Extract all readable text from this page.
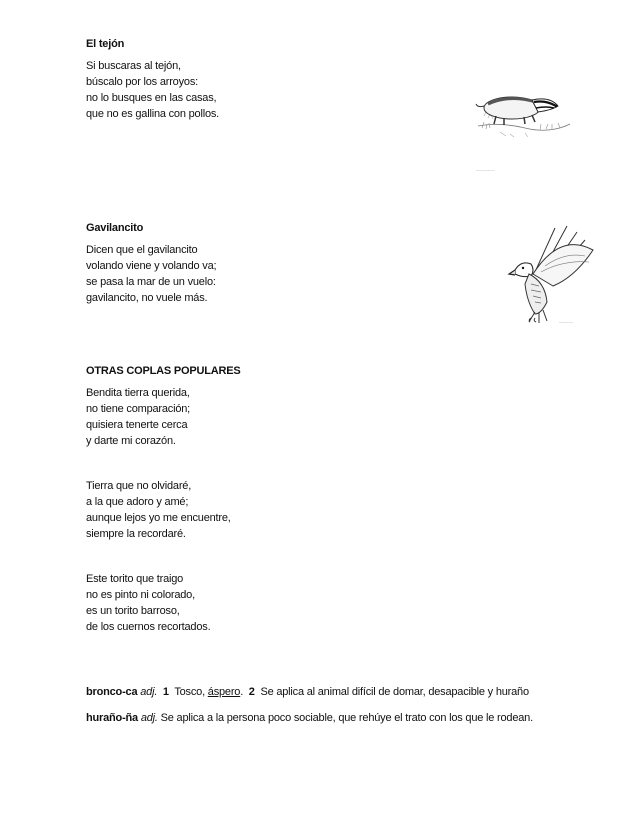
El tejón
Si buscaras al tejón,
búscalo por los arroyos:
no lo busques en las casas,
que no es gallina con pollos.
~~~~~~~~
Gavilancito
Dicen que el gavilancito
volando viene y volando va;
se pasa la mar de un vuelo:
gavilancito, no vuele más.
~~~~~~
OTRAS COPLAS POPULARES
Bendita tierra querida,
no tiene comparación;
quisiera tenerte cerca
y darte mi corazón.
Tierra que no olvidaré,
a la que adoro y amé;
aunque lejos yo me encuentre,
siempre la recordaré.
Este torito que traigo
no es pinto ni colorado,
es un torito barroso,
de los cuernos recortados.
bronco-ca adj. 1 Tosco, áspero. 2 Se aplica al animal difícil de domar, desapacible y huraño
huraño-ña adj. Se aplica a la persona poco sociable, que rehúye el trato con los que le rodean.
